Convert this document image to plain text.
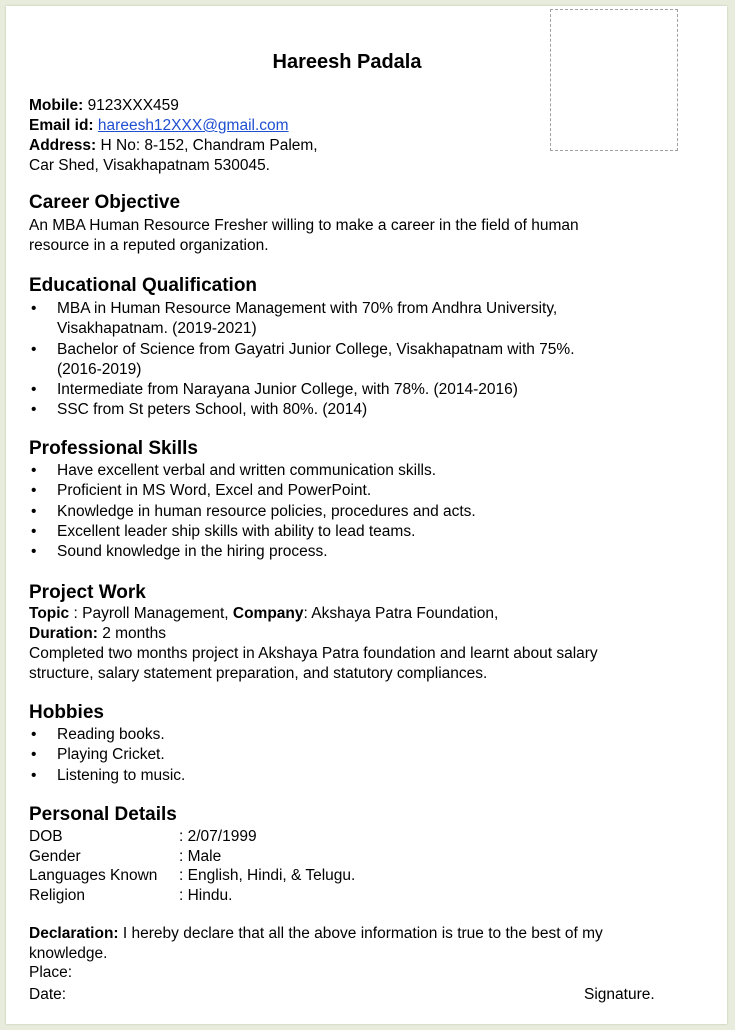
Hareesh Padala
Mobile: 9123XXX459
Email id: hareesh12XXX@gmail.com
Address: H No: 8-152, Chandram Palem,
Car Shed, Visakhapatnam 530045.
Career Objective
An MBA Human Resource Fresher willing to make a career in the field of human
resource in a reputed organization.
Educational Qualification
• MBA in Human Resource Management with 70% from Andhra University,
Visakhapatnam. (2019-2021)
• Bachelor of Science from Gayatri Junior College, Visakhapatnam with 75%.
(2016-2019)
• Intermediate from Narayana Junior College, with 78%. (2014-2016)
• SSC from St peters School, with 80%. (2014)
Professional Skills
• Have excellent verbal and written communication skills.
• Proficient in MS Word, Excel and PowerPoint.
• Knowledge in human resource policies, procedures and acts.
• Excellent leader ship skills with ability to lead teams.
• Sound knowledge in the hiring process.
Project Work
Topic : Payroll Management, Company: Akshaya Patra Foundation,
Duration: 2 months
Completed two months project in Akshaya Patra foundation and learnt about salary
structure, salary statement preparation, and statutory compliances.
Hobbies
• Reading books.
• Playing Cricket.
• Listening to music.
Personal Details
DOB	: 2/07/1999
Gender	: Male
Languages Known : English, Hindi, & Telugu.
Religion	: Hindu.
Declaration: I hereby declare that all the above information is true to the best of my
knowledge.
Place:
Date:	Signature.
